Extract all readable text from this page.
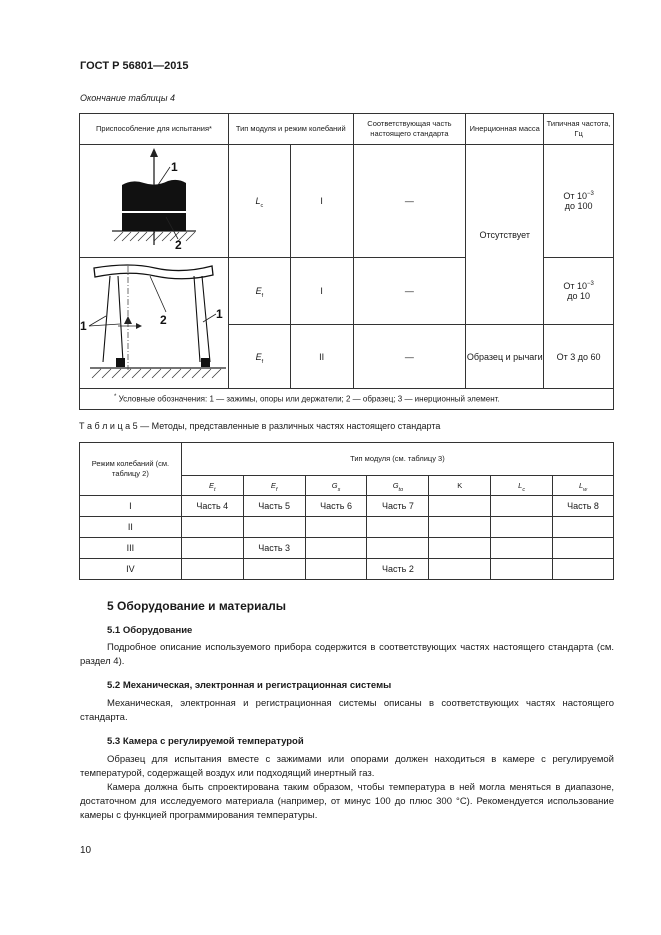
ГОСТ Р 56801—2015
Окончание таблицы 4
Приспособление для испытания*	Тип модуля и режим колебаний		Соответствующая часть настоящего стандарта	Инерционная масса	Типичная частота, Гц

1
2	$L_c$	I	—	Отсутствует	От $10^{-3}$
до 100

2
1
1	$E_f$	I	—		От $10^{-3}$
до 10
	$E_f$	II	—	Образец и рычаги	От 3 до 60
* Условные обозначения: 1 — зажимы, опоры или держатели; 2 — образец; 3 — инерционный элемент.					
Т а б л и ц а 5 — Методы, представленные в различных частях настоящего стандарта
Режим колебаний (см. таблицу 2)	Тип модуля (см. таблицу 3)						
	$E_t$	$E_f$	$G_s$	$G_{to}$	K	$L_c$	$L_w$
I	Часть 4	Часть 5	Часть 6	Часть 7			Часть 8
II							
III		Часть 3					
IV				Часть 2			
5 Оборудование и материалы
5.1 Оборудование

Подробное описание используемого прибора содержится в соответствующих частях настоящего стандарта (см. раздел 4).

5.2 Механическая, электронная и регистрационная системы

Механическая, электронная и регистрационная системы описаны в соответствующих частях настоящего стандарта.

5.3 Камера с регулируемой температурой

Образец для испытания вместе с зажимами или опорами должен находиться в камере с регулируемой температурой, содержащей воздух или подходящий инертный газ.

Камера должна быть спроектирована таким образом, чтобы температура в ней могла меняться в диапазоне, достаточном для исследуемого материала (например, от минус 100 до плюс 300 °C). Рекомендуется использование камеры с функцией программирования температуры.

10
